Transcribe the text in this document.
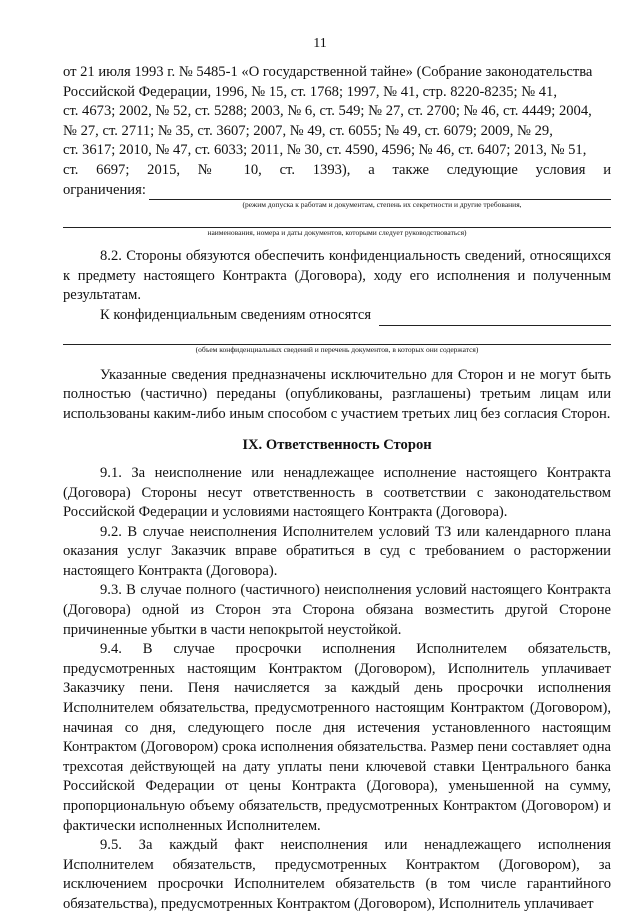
11

от 21 июля 1993 г. № 5485-1 «О государственной тайне» (Собрание законодательства
Российской Федерации, 1996, № 15, ст. 1768; 1997, № 41, стр. 8220-8235; № 41,
ст. 4673; 2002, № 52, ст. 5288; 2003, № 6, ст. 549; № 27, ст. 2700; № 46, ст. 4449; 2004,
№ 27, ст. 2711; № 35, ст. 3607; 2007, № 49, ст. 6055; № 49, ст. 6079; 2009, № 29,
ст. 3617; 2010, № 47, ст. 6033; 2011, № 30, ст. 4590, 4596; № 46, ст. 6407; 2013, № 51,
ст. 6697; 2015, № 10, ст. 1393), а также следующие условия и

ограничения:

(режим допуска к работам и документам, степень их секретности и другие требования,

наименования, номера и даты документов, которыми следует руководствоваться)

8.2. Стороны обязуются обеспечить конфиденциальность сведений, относящихся к предмету настоящего Контракта (Договора), ходу его исполнения и полученным результатам.

К конфиденциальным сведениям относятся

(объем конфиденциальных сведений и перечень документов, в которых они содержатся)

Указанные сведения предназначены исключительно для Сторон и не могут быть полностью (частично) переданы (опубликованы, разглашены) третьим лицам или использованы каким-либо иным способом с участием третьих лиц без согласия Сторон.

IX. Ответственность Сторон

9.1. За неисполнение или ненадлежащее исполнение настоящего Контракта (Договора) Стороны несут ответственность в соответствии с законодательством Российской Федерации и условиями настоящего Контракта (Договора).

9.2. В случае неисполнения Исполнителем условий ТЗ или календарного плана оказания услуг Заказчик вправе обратиться в суд с требованием о расторжении настоящего Контракта (Договора).

9.3. В случае полного (частичного) неисполнения условий настоящего Контракта (Договора) одной из Сторон эта Сторона обязана возместить другой Стороне причиненные убытки в части непокрытой неустойкой.

9.4. В случае просрочки исполнения Исполнителем обязательств, предусмотренных настоящим Контрактом (Договором), Исполнитель уплачивает Заказчику пени. Пеня начисляется за каждый день просрочки исполнения Исполнителем обязательства, предусмотренного настоящим Контрактом (Договором), начиная со дня, следующего после дня истечения установленного настоящим Контрактом (Договором) срока исполнения обязательства. Размер пени составляет одна трехсотая действующей на дату уплаты пени ключевой ставки Центрального банка Российской Федерации от цены Контракта (Договора), уменьшенной на сумму, пропорциональную объему обязательств, предусмотренных Контрактом (Договором) и фактически исполненных Исполнителем.

9.5. За каждый факт неисполнения или ненадлежащего исполнения Исполнителем обязательств, предусмотренных Контрактом (Договором), за исключением просрочки Исполнителем обязательств (в том числе гарантийного обязательства), предусмотренных Контрактом (Договором), Исполнитель уплачивает
